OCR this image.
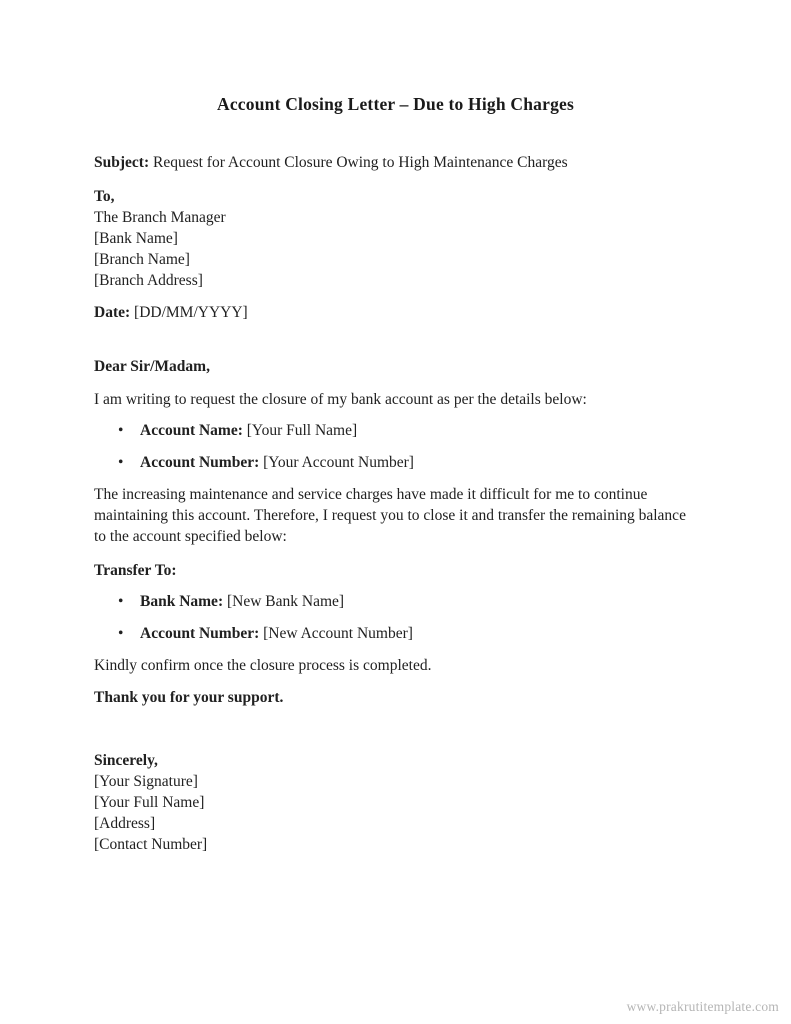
Account Closing Letter – Due to High Charges

Subject: Request for Account Closure Owing to High Maintenance Charges

To,
The Branch Manager
[Bank Name]
[Branch Name]
[Branch Address]

Date: [DD/MM/YYYY]

Dear Sir/Madam,

I am writing to request the closure of my bank account as per the details below:

• Account Name: [Your Full Name]
• Account Number: [Your Account Number]

The increasing maintenance and service charges have made it difficult for me to continue maintaining this account. Therefore, I request you to close it and transfer the remaining balance to the account specified below:

Transfer To:

• Bank Name: [New Bank Name]
• Account Number: [New Account Number]

Kindly confirm once the closure process is completed.

Thank you for your support.

Sincerely,
[Your Signature]
[Your Full Name]
[Address]
[Contact Number]
www.prakrutitemplate.com
